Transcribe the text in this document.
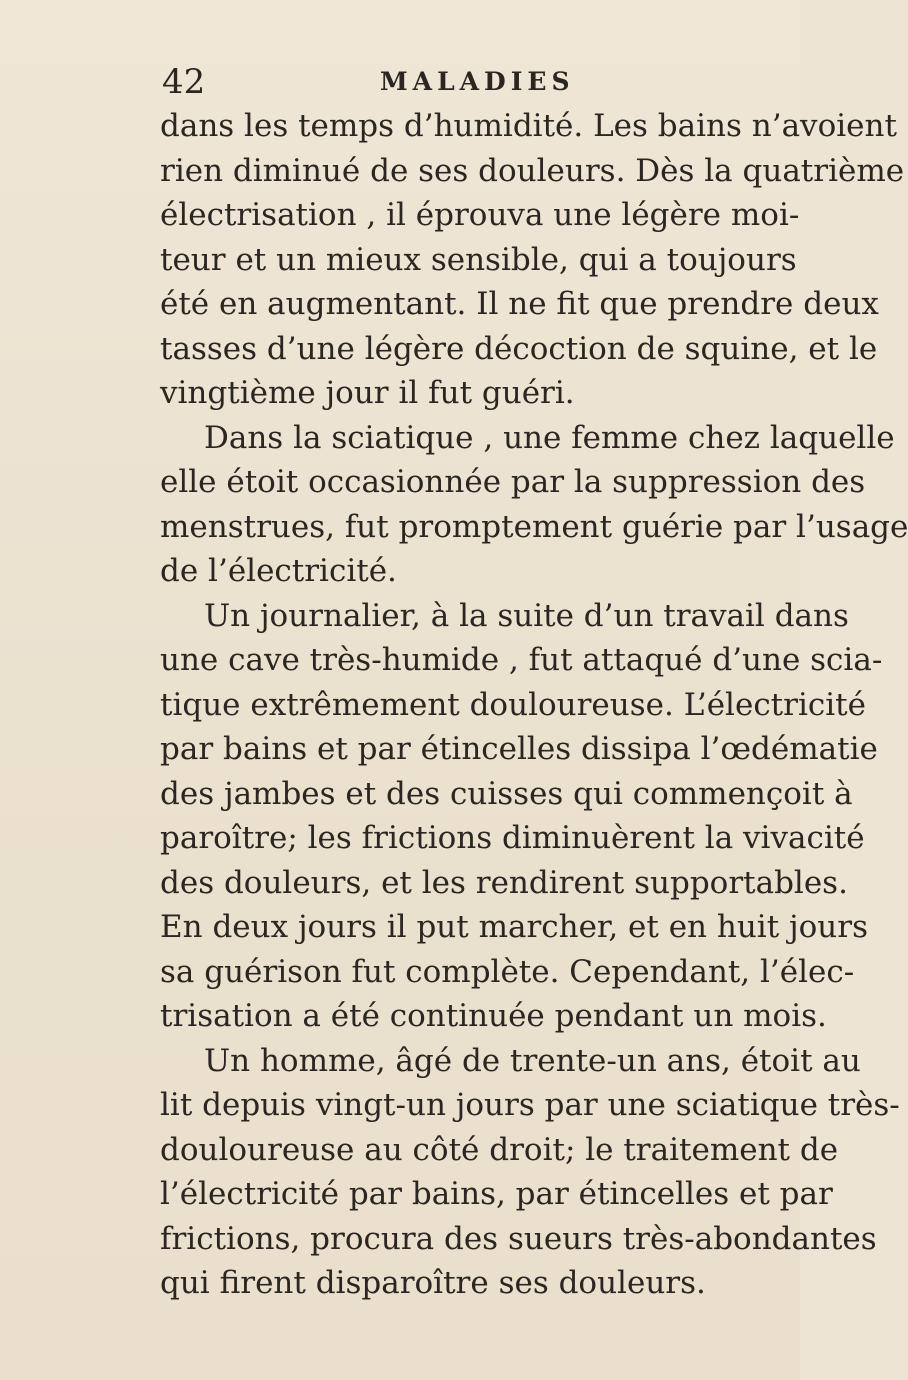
42	MALADIES
dans les temps d’humidité. Les bains n’avoient
rien diminué de ses douleurs. Dès la quatrième
électrisation , il éprouva une légère moi-
teur et un mieux sensible, qui a toujours
été en augmentant. Il ne fit que prendre deux
tasses d’une légère décoction de squine, et le
vingtième jour il fut guéri.
Dans la sciatique , une femme chez laquelle
elle étoit occasionnée par la suppression des
menstrues, fut promptement guérie par l’usage
de l’électricité.
Un journalier, à la suite d’un travail dans
une cave très-humide , fut attaqué d’une scia-
tique extrêmement douloureuse. L’électricité
par bains et par étincelles dissipa l’œdématie
des jambes et des cuisses qui commençoit à
paroître; les frictions diminuèrent la vivacité
des douleurs, et les rendirent supportables.
En deux jours il put marcher, et en huit jours
sa guérison fut complète. Cependant, l’élec-
trisation a été continuée pendant un mois.
Un homme, âgé de trente-un ans, étoit au
lit depuis vingt-un jours par une sciatique très-
douloureuse au côté droit; le traitement de
l’électricité par bains, par étincelles et par
frictions, procura des sueurs très-abondantes
qui firent disparoître ses douleurs.
